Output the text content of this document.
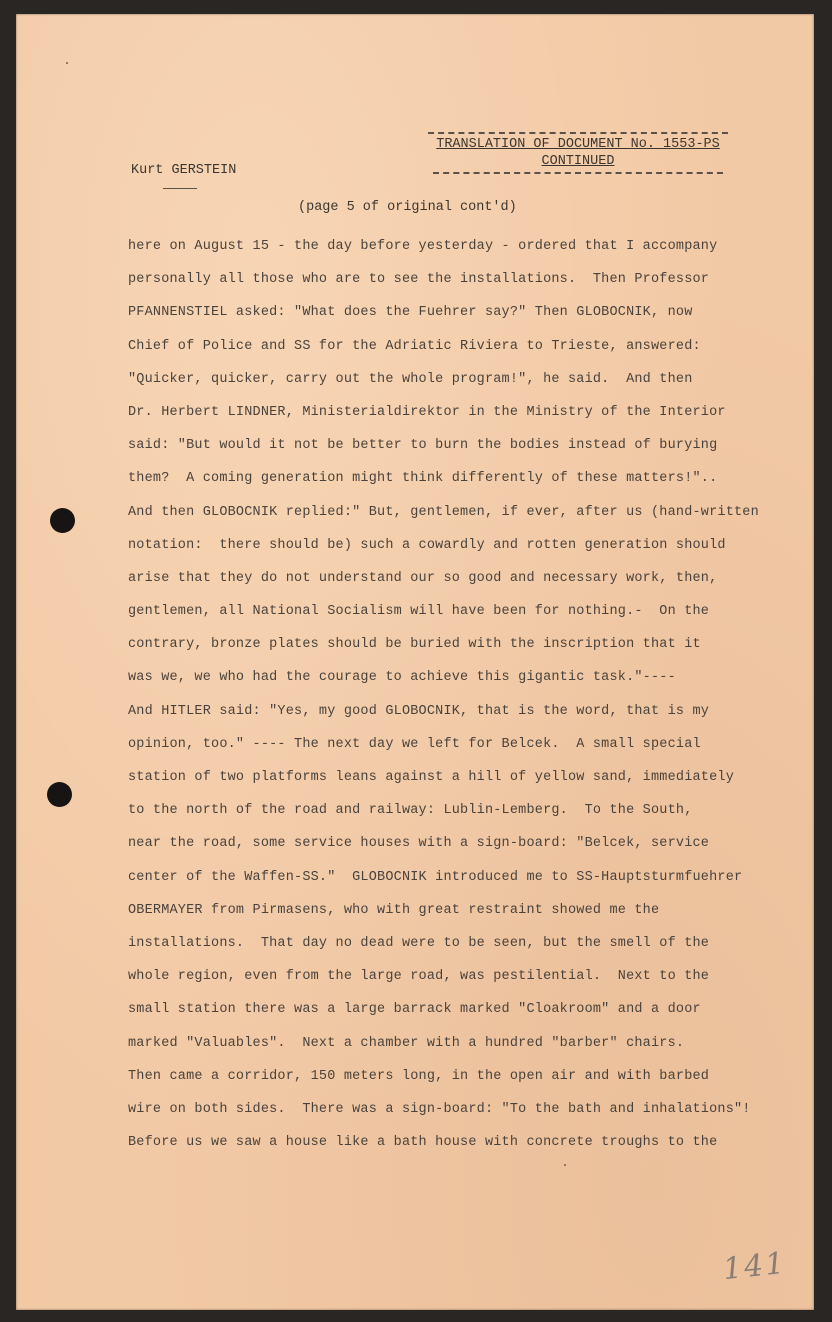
TRANSLATION OF DOCUMENT No. 1553-PS
CONTINUED
Kurt GERSTEIN
(page 5 of original cont'd)
here on August 15 - the day before yesterday - ordered that I accompany
personally all those who are to see the installations.  Then Professor
PFANNENSTIEL asked: "What does the Fuehrer say?" Then GLOBOCNIK, now
Chief of Police and SS for the Adriatic Riviera to Trieste, answered:
"Quicker, quicker, carry out the whole program!", he said.  And then
Dr. Herbert LINDNER, Ministerialdirektor in the Ministry of the Interior
said: "But would it not be better to burn the bodies instead of burying
them?  A coming generation might think differently of these matters!"..
And then GLOBOCNIK replied:" But, gentlemen, if ever, after us (hand-written
notation:  there should be) such a cowardly and rotten generation should
arise that they do not understand our so good and necessary work, then,
gentlemen, all National Socialism will have been for nothing.-  On the
contrary, bronze plates should be buried with the inscription that it
was we, we who had the courage to achieve this gigantic task."----
And HITLER said: "Yes, my good GLOBOCNIK, that is the word, that is my
opinion, too." ---- The next day we left for Belcek.  A small special
station of two platforms leans against a hill of yellow sand, immediately
to the north of the road and railway: Lublin-Lemberg.  To the South,
near the road, some service houses with a sign-board: "Belcek, service
center of the Waffen-SS."  GLOBOCNIK introduced me to SS-Hauptsturmfuehrer
OBERMAYER from Pirmasens, who with great restraint showed me the
installations.  That day no dead were to be seen, but the smell of the
whole region, even from the large road, was pestilential.  Next to the
small station there was a large barrack marked "Cloakroom" and a door
marked "Valuables".  Next a chamber with a hundred "barber" chairs.
Then came a corridor, 150 meters long, in the open air and with barbed
wire on both sides.  There was a sign-board: "To the bath and inhalations"!
Before us we saw a house like a bath house with concrete troughs to the
141
